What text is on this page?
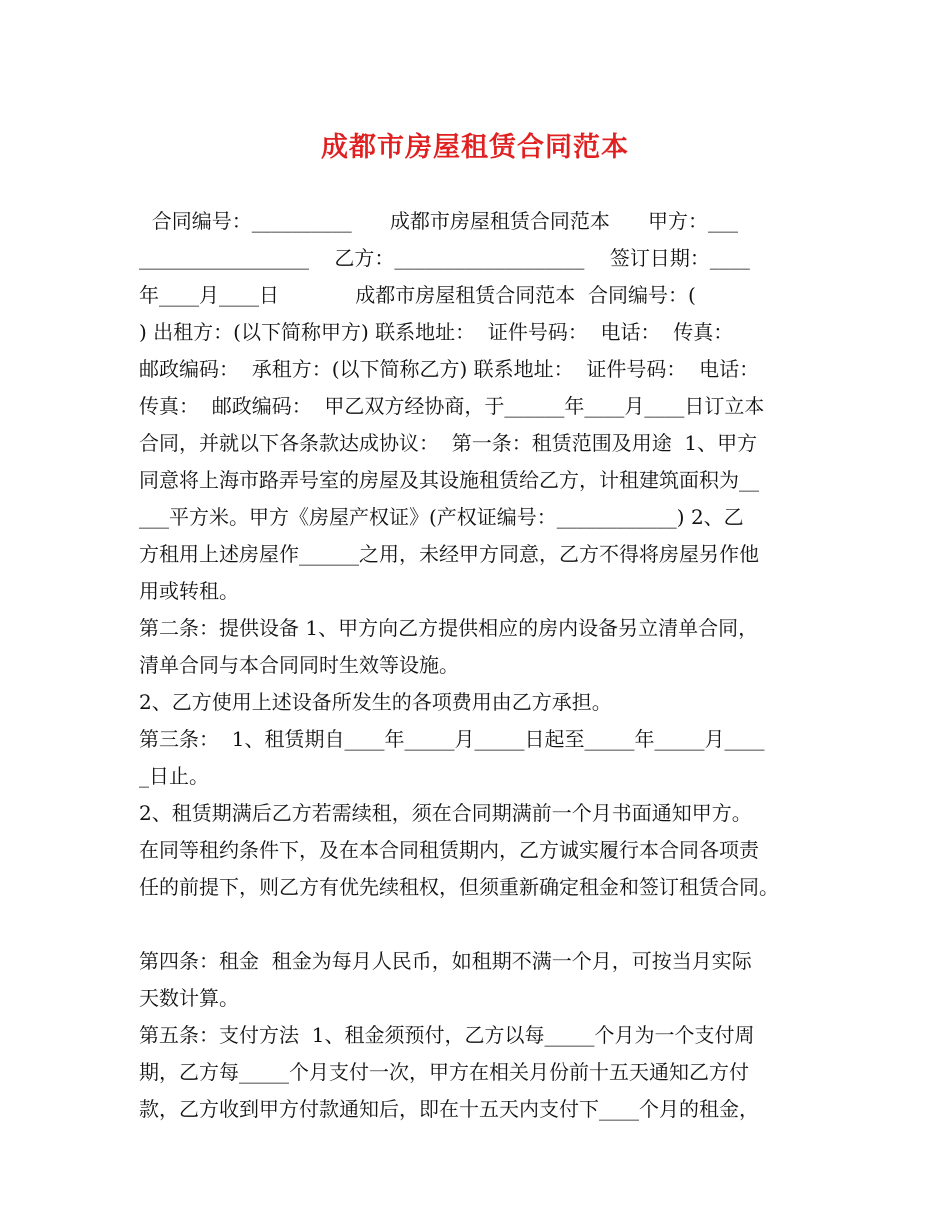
成都市房屋租赁合同范本
合同编号：__________      成都市房屋租赁合同范本      甲方：___
_________________    乙方：___________________    签订日期：____
年____月____日            成都市房屋租赁合同范本  合同编号：(
) 出租方：(以下简称甲方) 联系地址：  证件号码：  电话：  传真：
邮政编码：  承租方：(以下简称乙方) 联系地址：  证件号码：  电话：
传真：  邮政编码：  甲乙双方经协商，于______年____月____日订立本
合同，并就以下各条款达成协议：  第一条：租赁范围及用途  1、甲方
同意将上海市路弄号室的房屋及其设施租赁给乙方，计租建筑面积为__
___平方米。甲方《房屋产权证》(产权证编号：____________) 2、乙
方租用上述房屋作______之用，未经甲方同意，乙方不得将房屋另作他
用或转租。
第二条：提供设备 1、甲方向乙方提供相应的房内设备另立清单合同，
清单合同与本合同同时生效等设施。
2、乙方使用上述设备所发生的各项费用由乙方承担。
第三条：  1、租赁期自____年_____月_____日起至_____年_____月____
_日止。
2、租赁期满后乙方若需续租，须在合同期满前一个月书面通知甲方。
在同等租约条件下，及在本合同租赁期内，乙方诚实履行本合同各项责
任的前提下，则乙方有优先续租权，但须重新确定租金和签订租赁合同。
第四条：租金  租金为每月人民币，如租期不满一个月，可按当月实际
天数计算。
第五条：支付方法  1、租金须预付，乙方以每_____个月为一个支付周
期，乙方每_____个月支付一次，甲方在相关月份前十五天通知乙方付
款，乙方收到甲方付款通知后，即在十五天内支付下____个月的租金，
